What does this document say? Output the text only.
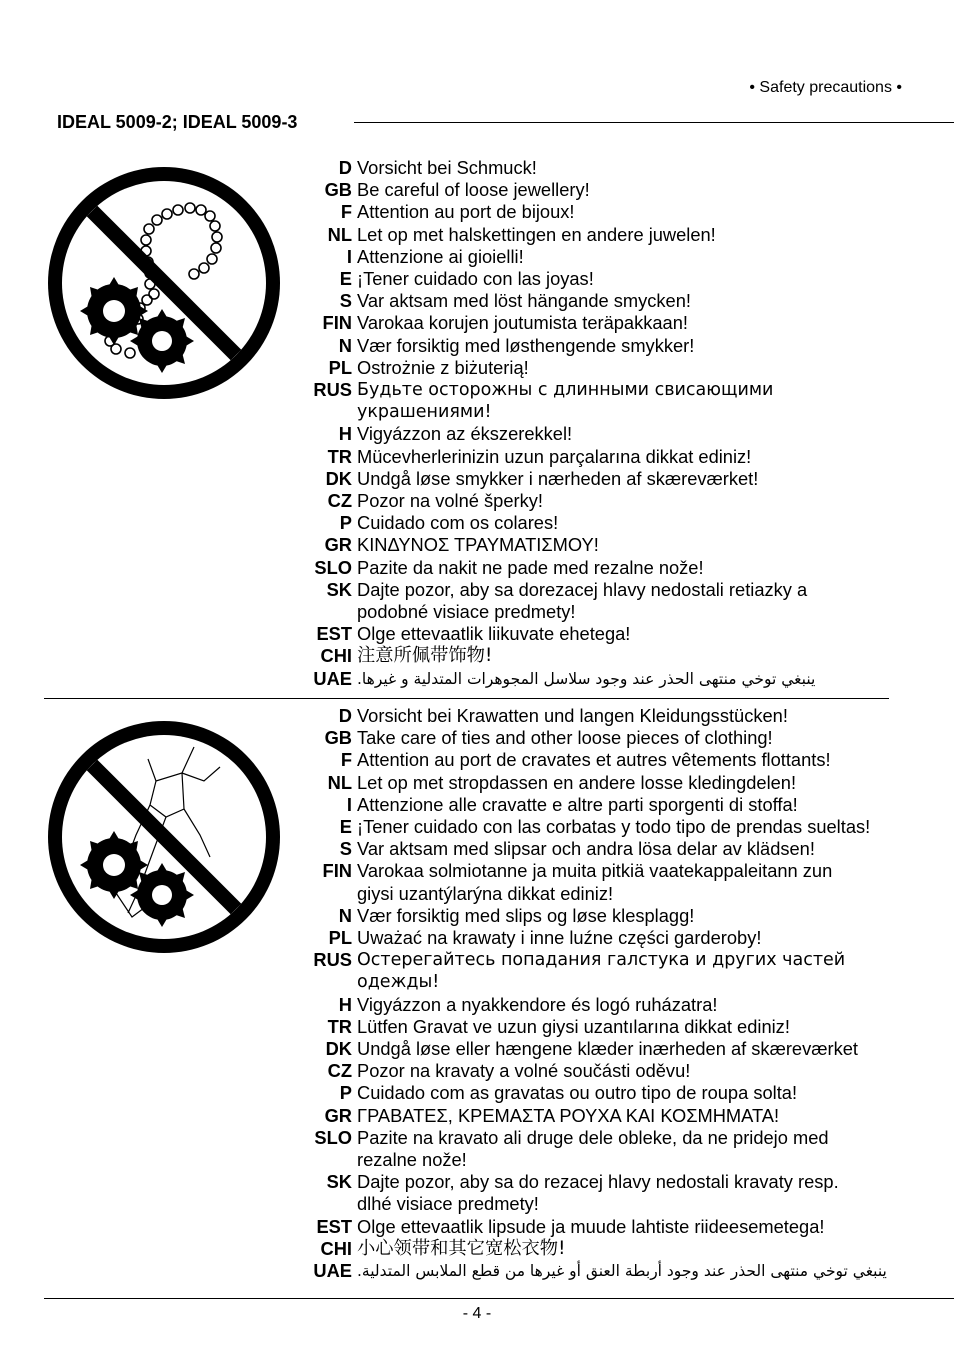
• Safety precautions •
IDEAL 5009-2; IDEAL 5009-3
D Vorsicht bei Schmuck!
GB Be careful of loose jewellery!
F Attention au port de bijoux!
NL Let op met halskettingen en andere juwelen!
I Attenzione ai gioielli!
E ¡Tener cuidado con las joyas!
S Var aktsam med löst hängande smycken!
FIN Varokaa korujen joutumista teräpakkaan!
N Vær forsiktig med løsthengende smykker!
PL Ostrożnie z biżuterią!
RUS Будьте осторожны с длинными свисающими
украшениями!
H Vigyázzon az ékszerekkel!
TR Mücevherlerinizin uzun parçalarına dikkat ediniz!
DK Undgå løse smykker i nærheden af skæreværket!
CZ Pozor na volné šperky!
P Cuidado com os colares!
GR ΚΙΝΔΥΝΟΣ ΤΡΑΥΜΑΤΙΣΜΟΥ!
SLO Pazite da nakit ne pade med rezalne nože!
SK Dajte pozor, aby sa dorezacej hlavy nedostali retiazky a
podobné visiace predmety!
EST Olge ettevaatlik liikuvate ehetega!
CHI 注意所佩带饰物!
UAE ينبغي توخي منتهى الحذر عند وجود سلاسل المجوهرات المتدلية و غيرها.
D Vorsicht bei Krawatten und langen Kleidungsstücken!
GB Take care of ties and other loose pieces of clothing!
F Attention au port de cravates et autres vêtements flottants!
NL Let op met stropdassen en andere losse kledingdelen!
I Attenzione alle cravatte e altre parti sporgenti di stoffa!
E ¡Tener cuidado con las corbatas y todo tipo de prendas sueltas!
S Var aktsam med slipsar och andra lösa delar av klädsen!
FIN Varokaa solmiotanne ja muita pitkiä vaatekappaleitann zun
giysi uzantýlarýna dikkat ediniz!
N Vær forsiktig med slips og løse klesplagg!
PL Uważać na krawaty i inne luźne części garderoby!
RUS Остерегайтесь попадания галстука и других частей
одежды!
H Vigyázzon a nyakkendore és logó ruházatra!
TR Lütfen Gravat ve uzun giysi uzantılarına dikkat ediniz!
DK Undgå løse eller hængene klæder inærheden af skæreværket
CZ Pozor na kravaty a volné součásti oděvu!
P Cuidado com as gravatas ou outro tipo de roupa solta!
GR ΓΡΑΒΑΤΕΣ, ΚΡΕΜΑΣΤΑ ΡΟΥΧΑ ΚΑΙ ΚΟΣΜΗΜΑΤΑ!
SLO Pazite na kravato ali druge dele obleke, da ne pridejo med
rezalne nože!
SK Dajte pozor, aby sa do rezacej hlavy nedostali kravaty resp.
dlhé visiace predmety!
EST Olge ettevaatlik lipsude ja muude lahtiste riideesemetega!
CHI 小心领带和其它宽松衣物!
UAE ينبغي توخي منتهى الحذر عند وجود أربطة العنق أو غيرها من قطع الملابس المتدلية.
- 4 -
